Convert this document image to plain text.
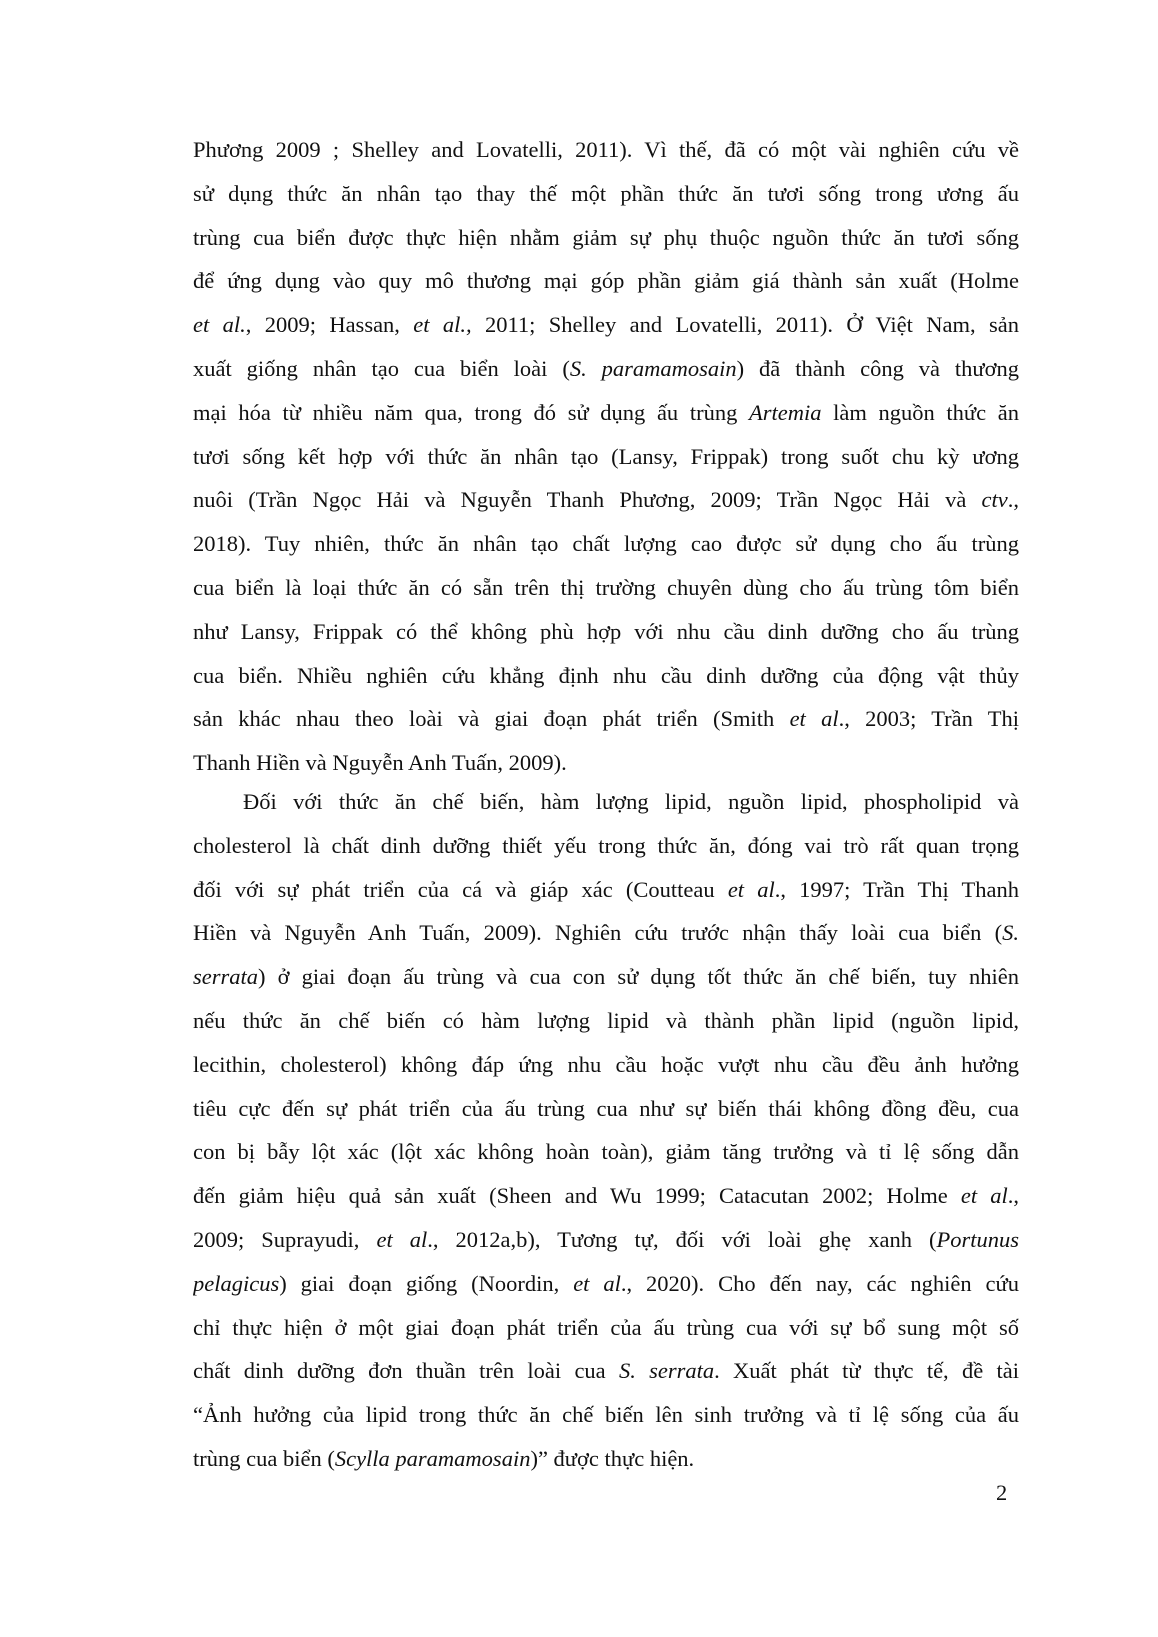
Phương 2009 ; Shelley and Lovatelli, 2011). Vì thế, đã có một vài nghiên cứu về
sử dụng thức ăn nhân tạo thay thế một phần thức ăn tươi sống trong ương ấu
trùng cua biển được thực hiện nhằm giảm sự phụ thuộc nguồn thức ăn tươi sống
để ứng dụng vào quy mô thương mại góp phần giảm giá thành sản xuất (Holme
et al., 2009; Hassan, et al., 2011; Shelley and Lovatelli, 2011). Ở Việt Nam, sản
xuất giống nhân tạo cua biển loài (S. paramamosain) đã thành công và thương
mại hóa từ nhiều năm qua, trong đó sử dụng ấu trùng Artemia làm nguồn thức ăn
tươi sống kết hợp với thức ăn nhân tạo (Lansy, Frippak) trong suốt chu kỳ ương
nuôi (Trần Ngọc Hải và Nguyễn Thanh Phương, 2009; Trần Ngọc Hải và ctv.,
2018). Tuy nhiên, thức ăn nhân tạo chất lượng cao được sử dụng cho ấu trùng
cua biển là loại thức ăn có sẵn trên thị trường chuyên dùng cho ấu trùng tôm biển
như Lansy, Frippak có thể không phù hợp với nhu cầu dinh dưỡng cho ấu trùng
cua biển. Nhiều nghiên cứu khẳng định nhu cầu dinh dưỡng của động vật thủy
sản khác nhau theo loài và giai đoạn phát triển (Smith et al., 2003; Trần Thị
Thanh Hiền và Nguyễn Anh Tuấn, 2009).
Đối với thức ăn chế biến, hàm lượng lipid, nguồn lipid, phospholipid và
cholesterol là chất dinh dưỡng thiết yếu trong thức ăn, đóng vai trò rất quan trọng
đối với sự phát triển của cá và giáp xác (Coutteau et al., 1997; Trần Thị Thanh
Hiền và Nguyễn Anh Tuấn, 2009). Nghiên cứu trước nhận thấy loài cua biển (S.
serrata) ở giai đoạn ấu trùng và cua con sử dụng tốt thức ăn chế biến, tuy nhiên
nếu thức ăn chế biến có hàm lượng lipid và thành phần lipid (nguồn lipid,
lecithin, cholesterol) không đáp ứng nhu cầu hoặc vượt nhu cầu đều ảnh hưởng
tiêu cực đến sự phát triển của ấu trùng cua như sự biến thái không đồng đều, cua
con bị bẫy lột xác (lột xác không hoàn toàn), giảm tăng trưởng và tỉ lệ sống dẫn
đến giảm hiệu quả sản xuất (Sheen and Wu 1999; Catacutan 2002; Holme et al.,
2009; Suprayudi, et al., 2012a,b), Tương tự, đối với loài ghẹ xanh (Portunus
pelagicus) giai đoạn giống (Noordin, et al., 2020). Cho đến nay, các nghiên cứu
chỉ thực hiện ở một giai đoạn phát triển của ấu trùng cua với sự bổ sung một số
chất dinh dưỡng đơn thuần trên loài cua S. serrata. Xuất phát từ thực tế, đề tài
“Ảnh hưởng của lipid trong thức ăn chế biến lên sinh trưởng và tỉ lệ sống của ấu
trùng cua biển (Scylla paramamosain)” được thực hiện.
2
